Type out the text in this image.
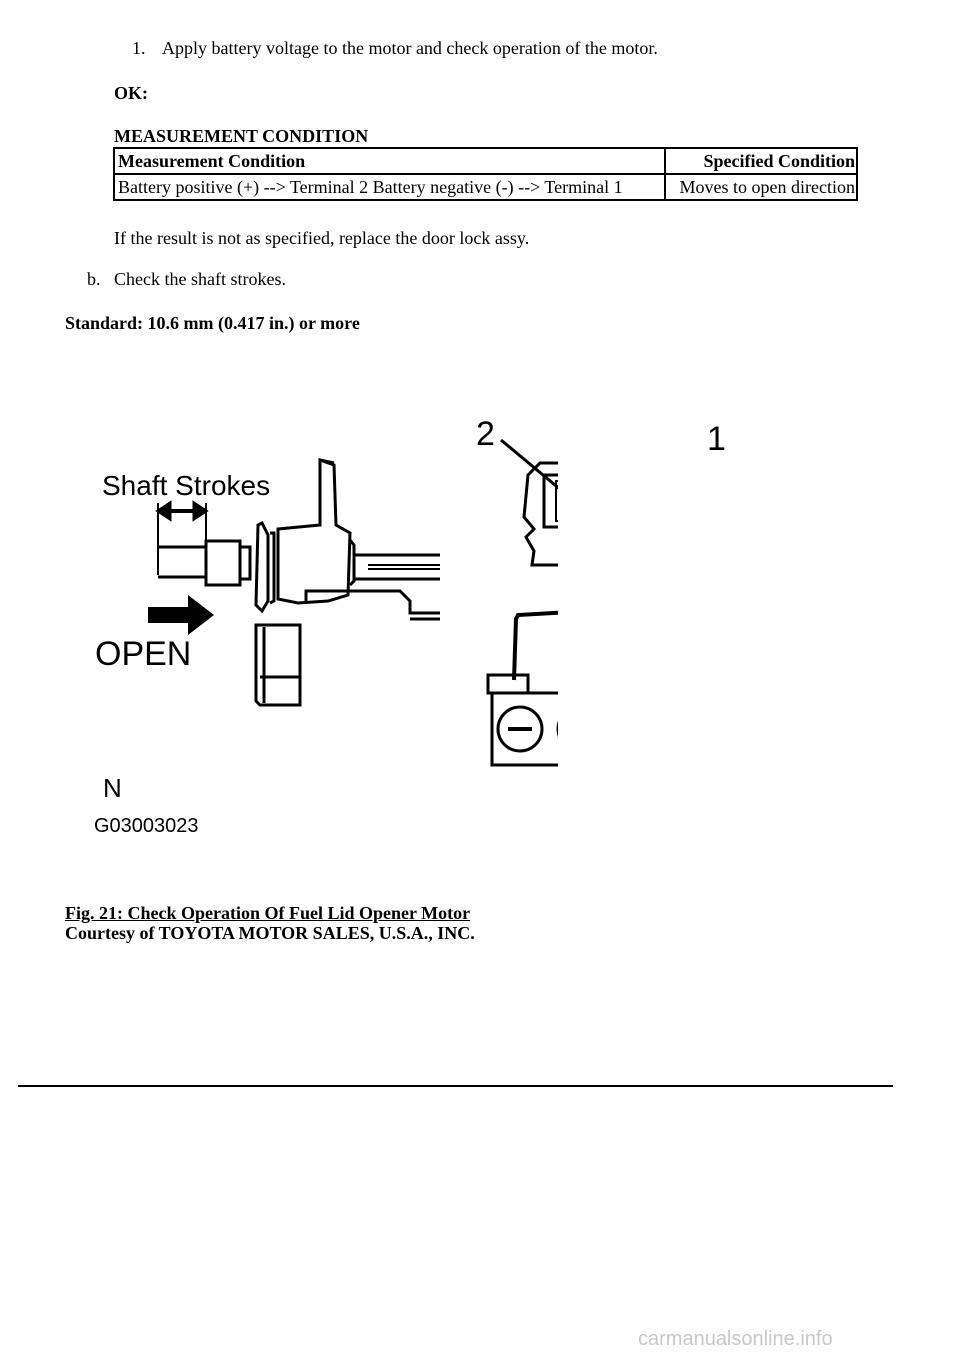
1. Apply battery voltage to the motor and check operation of the motor.
OK:
MEASUREMENT CONDITION
Measurement Condition	Specified Condition
Battery positive (+) --> Terminal 2 Battery negative (-) --> Terminal 1	Moves to open direction
If the result is not as specified, replace the door lock assy.
b. Check the shaft strokes.
Standard: 10.6 mm (0.417 in.) or more
Shaft Strokes
OPEN
2	1
N
G03003023
Fig. 21: Check Operation Of Fuel Lid Opener Motor
Courtesy of TOYOTA MOTOR SALES, U.S.A., INC.
carmanualsonline.info
